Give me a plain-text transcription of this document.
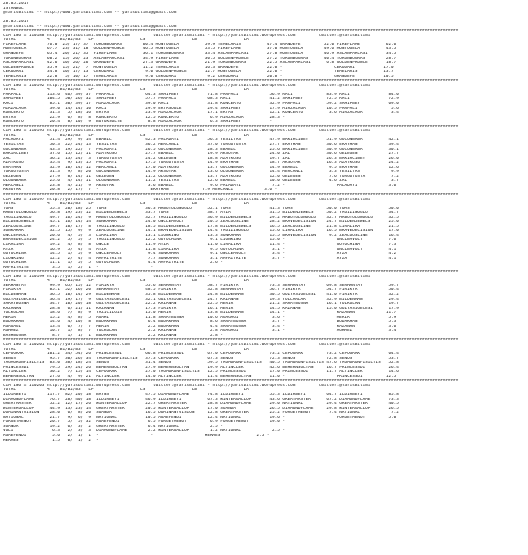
28.05.2017
ISTANBUL
@YarisBilimi -- http://www.yarisbilimi.com -- yarisbilimi@gmail.com
28.05.2017
@YarisBilimi -- http://www.yarisbilimi.com -- yarisbilimi@gmail.com
################################################################################################################################################################################
CIM ING = 110188 http://yarisbilimi.wordpress.com         twitter:@YarisBilimi - http://yarisbilimi.wordpress.com         twitter:@YarisBilimi
TOTAL            %    B1/B2/B3   LP                  LS                  LB                  LA
FIREFLAME        76.0  25/ 17/ 37  TORUNBUGRAS        60.4 MONTOGELA          59.9 TEMELARIS          47.4 GRANDEFE         52.0 FIREFLAME          62.6
MONTOGELA        67.7  23/ 31/ 18  GOLDENPRUNCE       46.5 MONTOGELA          53.5 FIREFLAME          37.0 MONTOGELA        49.6 MONTOGELA          43.5
GRANDEFE         65.4  20/ 21/ 35  FIREFLAME          36.1 TORUNBUGRAS        33.4 ASLANPARCASI       27.8 MONTOGELA        46.9 ASLANPARCASI       34.5
TORUNBUGRAS      60.2  15/ 26/ 23  ASLANPARCASI       34.9 FIREFLAME          30.5 GOLDENPRUNCE       27.2 TORUNBUGRAS      40.4 TORUNBUGRAS        28.7
ASLANPARCASI     42.6  10/ 26/ 26  GRANDEFE           27.3 GRANDEFE           21.9 TORUNBUGRAS        22.5 ASLANPARCASI      6.8 GOLDENPRUNCE       18.7
GOLDENPRUNCE     35.9  15/ 21/  7  MONTOGELA          11.2 TEMELARIS          16.3 GRANDEFE           22.0 -                    CEKODARI           17.0
CEKODARI         34.8  10/ 17/ 13  CEKODARI            9.0 GOLDENPRUNCE       12.7 MONTOGELA          22.0 -                    TEMELARIS          13.7
TEMELARIS        22.8   5/ 10/ 17  TEMELARIS           9.0 CEKODARI            9.2 CEKODARI           20.8 -                    GRANDEFE           10.5
################################################################################################################################################################################
CIM ING = 110192 http://yarisbilimi.wordpress.com         twitter:@YarisBilimi - http://yarisbilimi.wordpress.com         twitter:@YarisBilimi
TOTAL            %    B1/B2/B3   LP                  LS                  LB                  LA
PARPALI          113.6  46/ 39/ 37  PARPALI            64.3 SAHIPBEY           71.8 PARPALI            56.9 RACI             83.9 RACI               84.0
SAHIPBEY         104.5  50/ 26/ 32  SAHIPBEY           57.7 PARPALI            68.3 RACI               41.2 SAHIPBEY         72.5 RACI               72.9
RACI              85.1  30/ 39/ 17  MIRZALAGA          39.0 RACI               31.8 KONCERTO           32.9 PARPALI          59.2 SAHIPBEY           69.0
MIRZALAGA         39.0  14/ 14/ 10  RACI               29.9 ERTASOULE          29.4 SAHIPBEY           17.9 MIRZALAGA        10.5 PARPALI             5.6
KONCERTO          31.3   5/ 18/ 16  ERTAS              23.9 MIRZALAGA          17.1 ERTAS              12.1 KONCERTO          3.6 MIRZALAGA           3.4
ERTAS             22.9   6/  8/  8  KONCERTO           12.5 KONCERTO            6.9 MIRZALAGA          28.3 -
KONCERTO          20.4   8/ 10/  9  BUYUKSOLTE          8.8 MIRZALAGA           6.3 SAHIPBEY           -
################################################################################################################################################################################
CIM ING = 110195 http://yarisbilimi.wordpress.com         twitter:@YarisBilimi - http://yarisbilimi.wordpress.com         twitter:@YarisBilimi
TOTAL            %    B1/B2/B3   LP                  LS                  LB                  LA
PALADAYI          51.4  29/  9/ 14  EBABIL             42.3 PALADAYI           56.3 YESILTAS           47.9 BAKIRCIBEY       51.9 GUCUNBABA          42.1
YESILTAS          50.3  22/ 24/ 13  YESILTAS           36.2 MERCANLI           37.0 TURGUTUSTA         27.7 ERAYHAN          30.6 ERAYHAN            39.4
GUCUNBABA         43.3  19/ 22/  7  PALADAYI           26.5 GUCUNBABA          28.3 EBABIL             25.6 BAKIRCIBEY       30.9 GUCUNBABA          30.1
BAKIRCIBEY        37.6  15/ 12/ 11  AZATKUSU           27.7 EBABIL             19.9 AKSOYAK            24.0 ZAL              30.6 GEZEGEN            27.7
ZAL               36.2  13/ 24/  3  TURGUTUSTA         24.2 GEZEGEN            18.8 AZATKUSU           19.7 ZAL              26.3 BAKIRCIBEY         26.0
AZATKUSU          35.4   9/ 13/ 15  PALADAYI           17.5 TURGUTUSTA         14.9 ERAYHAN            18.7 AKSOYAK          16.3 AZATKUSU           24.2
ERAYHAN           32.9  10/ 14/ 12  MERCANLI           17.0 AZATKUSU           13.7 GUCUNBABA          14.9 EBABIL            9.5 ERAYHAN            12.6
TURGUTUSTA        31.3   9/  8/ 20  GUCUNBABA          14.9 AKSOYAK            13.6 OLGUNBABA          14.4 MERCANLI          3.3 YESILTAS            9.9
GEZEGEN           27.9   8/ 14/ 11  GEZEGEN            11.2 OLGUNBABA          13.7 AZATKUSU           12.0 GEZEGEN           7.6 TURGUTUSTA          7.2
OLGUNBABA         25.6   4/ 14/ 11  OLGUNBABA          11.2 YESILTAS           12.6 EBABIL             10.0 GEZEGEN           4.6 ZAL                 3.7
MERCANLI          23.8   4/ 21/  9  AKSOYAK             3.6 EBABIL              9.6 PALADAYI            7.2 -                    PALADAYI            3.6
AKSOYAK           20.8   2/ 17/  7  -                    ERAYHAN             7.9 MERCANLI            3.6 -
################################################################################################################################################################################
CIM ING = 110197 http://yarisbilimi.wordpress.com         twitter:@YarisBilimi - http://yarisbilimi.wordpress.com         twitter:@YarisBilimi
TOTAL            %    B1/B2/B3   LP                  LS                  LB                  LA
TOMS              55.3  20/ 18/ 25  TOMS               36.3 HABUTULUNOGLU      52.1 TOMS               41.3 TOMS             50.0 TOMS               50.0
HABUTULUNOGLU     56.8  19/ 23/ 12  BILDENJEWELS       33.7 TOMS               38.7 AYZA               31.5 BILDENJEWELS     50.2 YAGIZINOGLU        34.7
YAGIZINOGLU       49.7  16/ 24/  9  HABUTULUNOGLU      32.7 YAGIZINOGLU        36.9 BILDENJEWELS       29.2 HABUTULUNOGLU    32.7 HABUTULUNOGLU      32.5
BILDENJEWELS      45.1  16/ 14/ 14  SONKAHAR           24.0 UNCLEMVOLT         20.5 ZEALOUSLINE        28.2 BRAVEDECISION    24.7 BILDENJEWELS       25.0
ZEALOUSLINE       39.7  10/ 17/  8  YAGIZINOGLU        18.5 BILDENJEWELS       17.8 BILDENJEWELS       16.5 ZEALOUSLINE      21.8 LIRALIRA           21.5
SONKAHAR          32.5  15/  9/  9  ZEALOUSLINE        14.1 BRAVEDECISION      14.4 YAGIZINOGLU        15.6 LIRALIRA         16.5 BRAVEDECISION      17.0
UNCLEMVOLT        20.6   4/  5/  3  LIRALIRA           13.1 LIONKING           13.3 SONKAHAR           15.5 BRAVEDECISION     9.2 ZEALOUSLINE        16.4
BRAVEDECISION     24.2   5/  5/  5  YAGIZINOGLU        12.2 GOYOCHINA           9.1 LIONKING           15.0 -                    UNCLEMVOLT          7.6
LIRALIRA          19.2   4/  8/  8  UNCLE              11.9 AYZA               11.0 LIRALIRA           11.4 -                    GOYOCHINA           7.3
AYZA              16.9   5/  4/  4  AYZA               11.8 LIRALIRA            9.5 GOYOCHINA           3.1 -                    UNCLEMVOLT          4.1
GOYOCHINA         14.5   1/  5/  9  UNCLEMVOLT          9.4 SONKAHAR            9.1 UNCLEMVOLT          3.4 -                    AYZA                4.2
LIONKING          12.2   2/  4/  4  AMFRITRITE          7.7 SONKAHAR            3.1 AMFRITRITE          3.7 -                    AYZA                4.1
GOYOCHINA         11.1   1/  5/  5  GOYOCHINA           4.4 AMFRITRITE          2.6 -
AMFRITRITE         3.5   1/  2/  1  -                    -
################################################################################################################################################################################
CIM ING = 110199 http://yarisbilimi.wordpress.com         twitter:@YarisBilimi - http://yarisbilimi.wordpress.com         twitter:@YarisBilimi
TOTAL            %    B1/B2/B3   LP                  LS                  LB                  LA
SERHANTAY         99.9  65/ 15/ 12  FIRIKYA            55.6 SERHANTAY          58.7 FIRIKYA            73.3 SERHANTAY        69.8 SERHANTAY          59.7
FIRIKYA           85.1  52/ 16/ 20  SERHANTAY          48.5 FIRIKYA            32.8 SERHANTAY          56.7 FIRIKYA          54.7 FIRIKYA            50.4
BILDENMAN         36.5  10/ 14/ 29  BILDENMAN          35.8 BILDENMAN          24.8 BILDENMAN          30.5 GOZYASIGECESI    41.0 FIRIKYA            32.2
GOZYASIGECESI     36.4  19/ 17/  9  GOZYASIGECESI      32.1 GOZYASIGECESI      24.7 KAZANAN            19.3 YOLLARLAR        32.9 BILDENMAN          29.4
SARAYBOSNA        34.7  10/ 20/ 18  GOZYASIGECESI      22.2 KAZANAN            22.5 MERIR              21.2 SARAYBOSNA       16.1 YOLKULAN           19.7
KAZANAN           28.8   6/ 21/ 11  KAZANAN            17.3 FIRIKYA            16.1 MERIR              14.5 KAZANAN          15.0 GOZYASIGECESI      17.9
YOLKULAN          18.6   7/  8/  9  YAZICILGIS         15.0 MERIR              13.8 BILDENMAN          14.1 -                    KAZANAN            11.7
MERIR             15.2   4/  8/  5  AGAHI              11.8 SARAYBOSNA         10.6 AGAGAGI             3.6 -                    MERIR               5.9
BUDAKHAN          14.6   4/ 10/  8  BUDAKHAN            6.4 BUDAKHAN            8.6 SARAYBOSNA          3.7 -                    BUDAKHAN            5.3
AGAGAGI           13.4   6/  7/  7  MERIR               2.2 BUDAKHAN            4.4 SARAYBOSNA          3.4 -                    KAZANAN             3.6
AGHMEZ            10.7   1/  8/  7  YOLKULAN            2.2 KAZANAN             2.8 AGAGAGI             3.1 -                    AGHMEZ              3.4
BASHBOSNA          8.7   1/  1/  1  BUDAKHAN            2.2 KAZANAN             2.8 -
################################################################################################################################################################################
CIM ING = 110201 http://yarisbilimi.wordpress.com         twitter:@YarisBilimi - http://yarisbilimi.wordpress.com         twitter:@YarisBilimi
TOTAL            %    B1/B2/B3   LP                  LS                  LB                  LA
CEPOGRAK         101.2  34/ 54/ 26  PRINCESSDI         66.8 PRINCESSDI         67.0 CEPOGRAK           73.2 CEPOGRAK         73.2 CEPOGRAK           64.4
SENOS             95.7  30/ 26/ 34  TAGMURUNFISILTIS   37.3 CEPOGRAK           67.3 SENOS              72.3 SENOS            72.8 SENOS              53.7
TAGMURUNFISILTIS  83.0  38/ 18/ 24  SENOS              31.4 SENOS              59.5 TAGMURUNFISILTIS   40.5 TAGMURUNFISILTIS 47.6 TAGMURUNFISILTIS   52.8
PRINCESSDI        79.5  29/ 24/ 26  BEHERNSULTAN       27.9 BEHERNSULTAN       19.9 ALTINCLEK          42.6 BEHERNSULTAN     16.7 PRINCESSDI         26.4
ALTINCLEK         30.2   7/ 15/ 14  CEPOGRAK           27.0 TAGMURUNFISILTIS   12.5 PRINCESSDI         17.0 PRINCESSDI       11.7 ALTINCLEK          14.6
BEHERNSULTAN      27.6   4/  9/ 21  ALTINCLEK          14.0 ALTINCLEK          11.4 BEHERNSULTAN       11.0 -                    PRINCESSDI         12.5
################################################################################################################################################################################
CIM ING = 110203 http://yarisbilimi.wordpress.com         twitter:@YarisBilimi - http://yarisbilimi.wordpress.com         twitter:@YarisBilimi
TOTAL            %    B1/B2/B3   LP                  LS                  LB                  LA
ILDIRBEYI        117.7  82/ 20/ 18  BAYNS              47.5 DIAMONDFLAME       74.8 ILDIRBEYI          55.3 ILDIRBEYI        64.7 ILDIRBEYI          85.8
DIAMONDFLAME      76.7  28/ 40/ 18  ILDIRBEYI          46.9 ILDIRBEYI          67.3 WINTERGALLOP       43.6 GREATMASTER      67.2 DIAMONDFLAME       73.3
GREATMASTER       52.2  12/ 17/ 26  WINTERGALLOP       22.7 GREATMASTER        28.8 DIAMONDFLAME       29.0 NATIONAL         29.4 GREATMASTER        40.5
WINTERGALLOP      44.9  13/ 23/ 14  GREATMASTER        20.5 WINTERGALLOP       17.0 SUANDA             26.5 DIAMONDFLAME     29.8 WINTERGALLOP       26.5
DOMINANTVISION    28.0   6/  8/ 20  SUANDA             16.5 DOMINANTVISION     12.8 GREATMASTER        25.2 FORGETMENOT       7.4 NATIONAL            7.2
NATIONAL          21.7   9/  6/  9  NATIONAL           10.5 AGAEFENDI          12.4 NATIONAL           19.6 -                    FORGETMENOT         5.0
FORGETMENOT       20.7   5/  5/ 32  AGAEFENDI           6.5 FORGETMENOT         6.9 FORGETMENOT        19.0 -
SUANDA            19.2   6/  3/  2  GREATMASTER         6.4 NATIONAL            2.5 -
VOLI               6.3   2/  3/  3  DIAMONDFLAME        2.2 WINTERGALLOP        1.2 NATIONAL            2.5 -
AGAEFENDI          5.6   2/  1/  1  -                    -                    HERMES              2.5 -
HERMES             1.5   0/  1/  2  -
